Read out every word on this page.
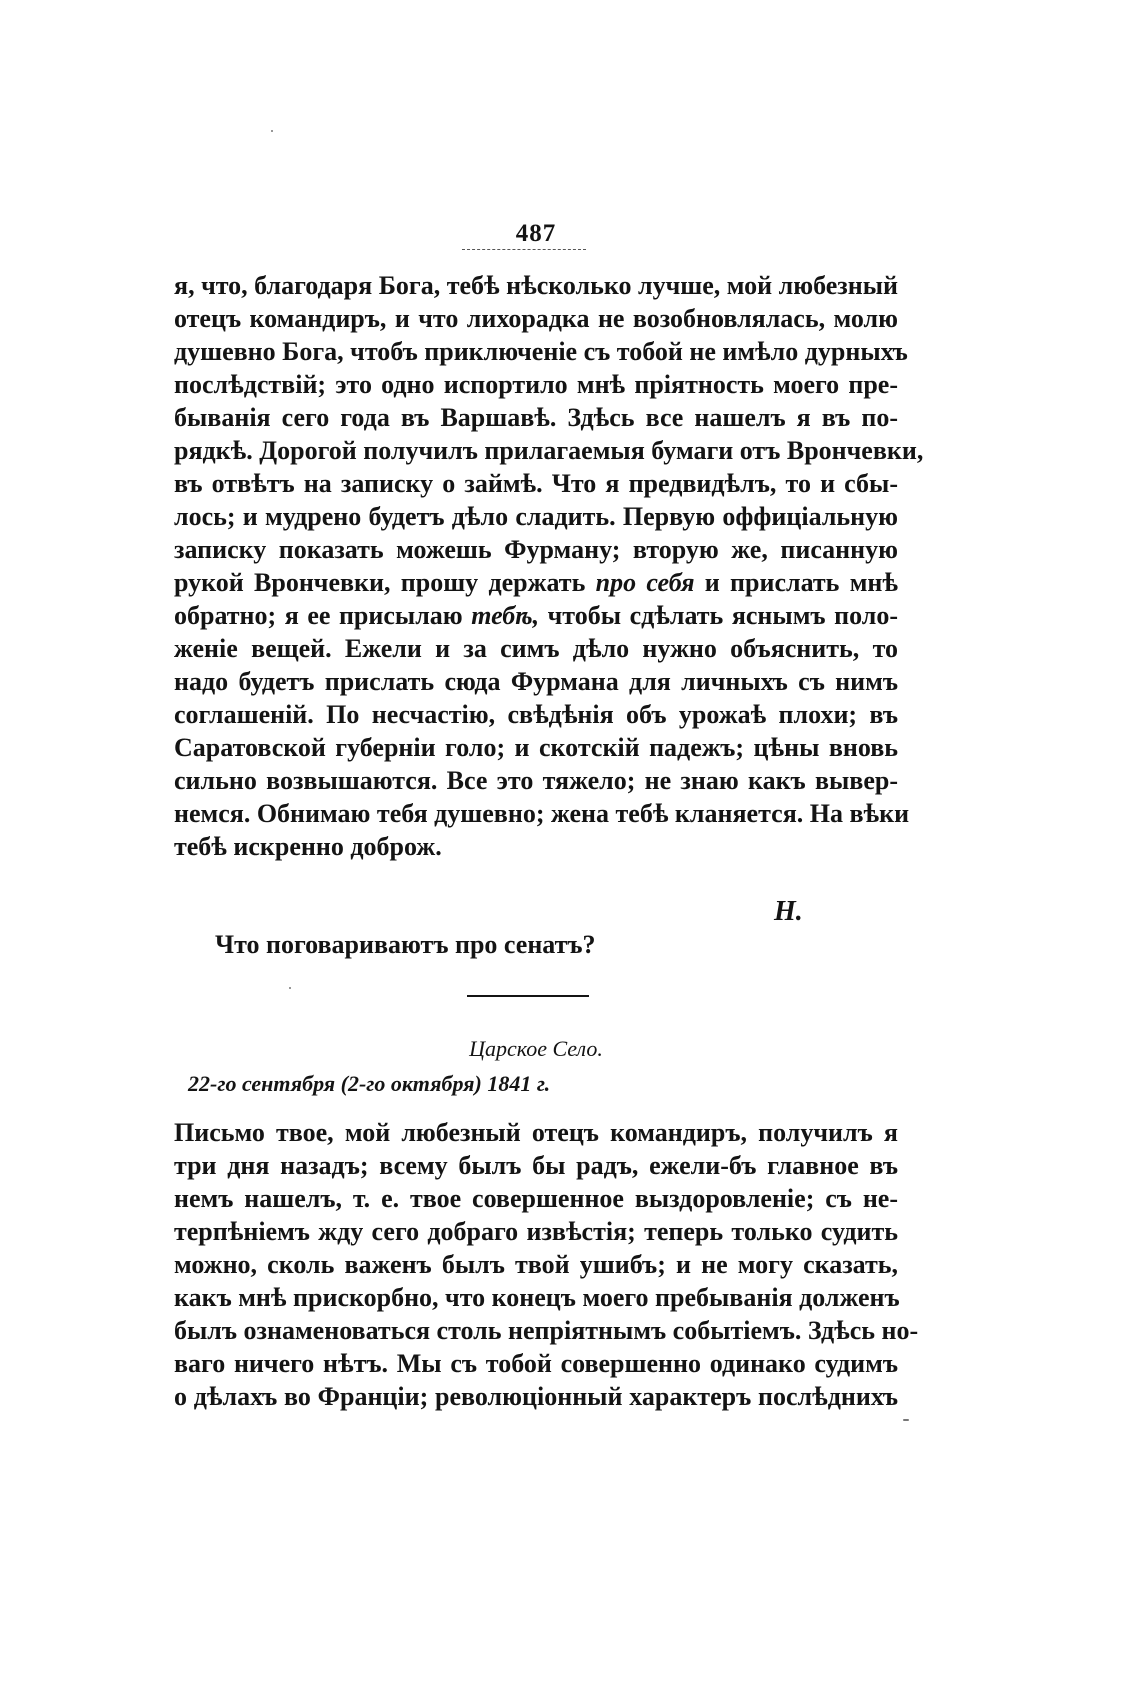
487
я, что, благодаря Бога, тебѣ нѣсколько лучше, мой любезный
отецъ командиръ, и что лихорадка не возобновлялась, молю
душевно Бога, чтобъ приключенiе съ тобой не имѣло дурныхъ
послѣдствiй; это одно испортило мнѣ прiятность моего пре-
быванiя сего года въ Варшавѣ. Здѣсь все нашелъ я въ по-
рядкѣ. Дорогой получилъ прилагаемыя бумаги отъ Врончевки,
въ отвѣтъ на записку о займѣ. Что я предвидѣлъ, то и сбы-
лось; и мудрено будетъ дѣло сладить. Первую оффицiальную
записку показать можешь Фурману; вторую же, писанную
рукой Врончевки, прошу держать про себя и прислать мнѣ
обратно; я ее присылаю тебѣ, чтобы сдѣлать яснымъ поло-
женiе вещей. Ежели и за симъ дѣло нужно объяснить, то
надо будетъ прислать сюда Фурмана для личныхъ съ нимъ
соглашенiй. По несчастiю, свѣдѣнiя объ урожаѣ плохи; въ
Саратовской губернiи голо; и скотскiй падежъ; цѣны вновь
сильно возвышаются. Все это тяжело; не знаю какъ вывер-
немся. Обнимаю тебя душевно; жена тебѣ кланяется. На вѣки
тебѣ искренно доброж.
Н.
Что поговариваютъ про сенатъ?
Царское Село.
22-го сентября (2-го октября) 1841 г.
Письмо твое, мой любезный отецъ командиръ, получилъ я
три дня назадъ; всему былъ бы радъ, ежели-бъ главное въ
немъ нашелъ, т. е. твое совершенное выздоровленiе; съ не-
терпѣнiемъ жду сего добраго извѣстiя; теперь только судить
можно, сколь важенъ былъ твой ушибъ; и не могу сказать,
какъ мнѣ прискорбно, что конецъ моего пребыванiя долженъ
былъ ознаменоваться столь непрiятнымъ событiемъ. Здѣсь но-
ваго ничего нѣтъ. Мы съ тобой совершенно одинако судимъ
о дѣлахъ во Францiи; революцiонный характеръ послѣднихъ
